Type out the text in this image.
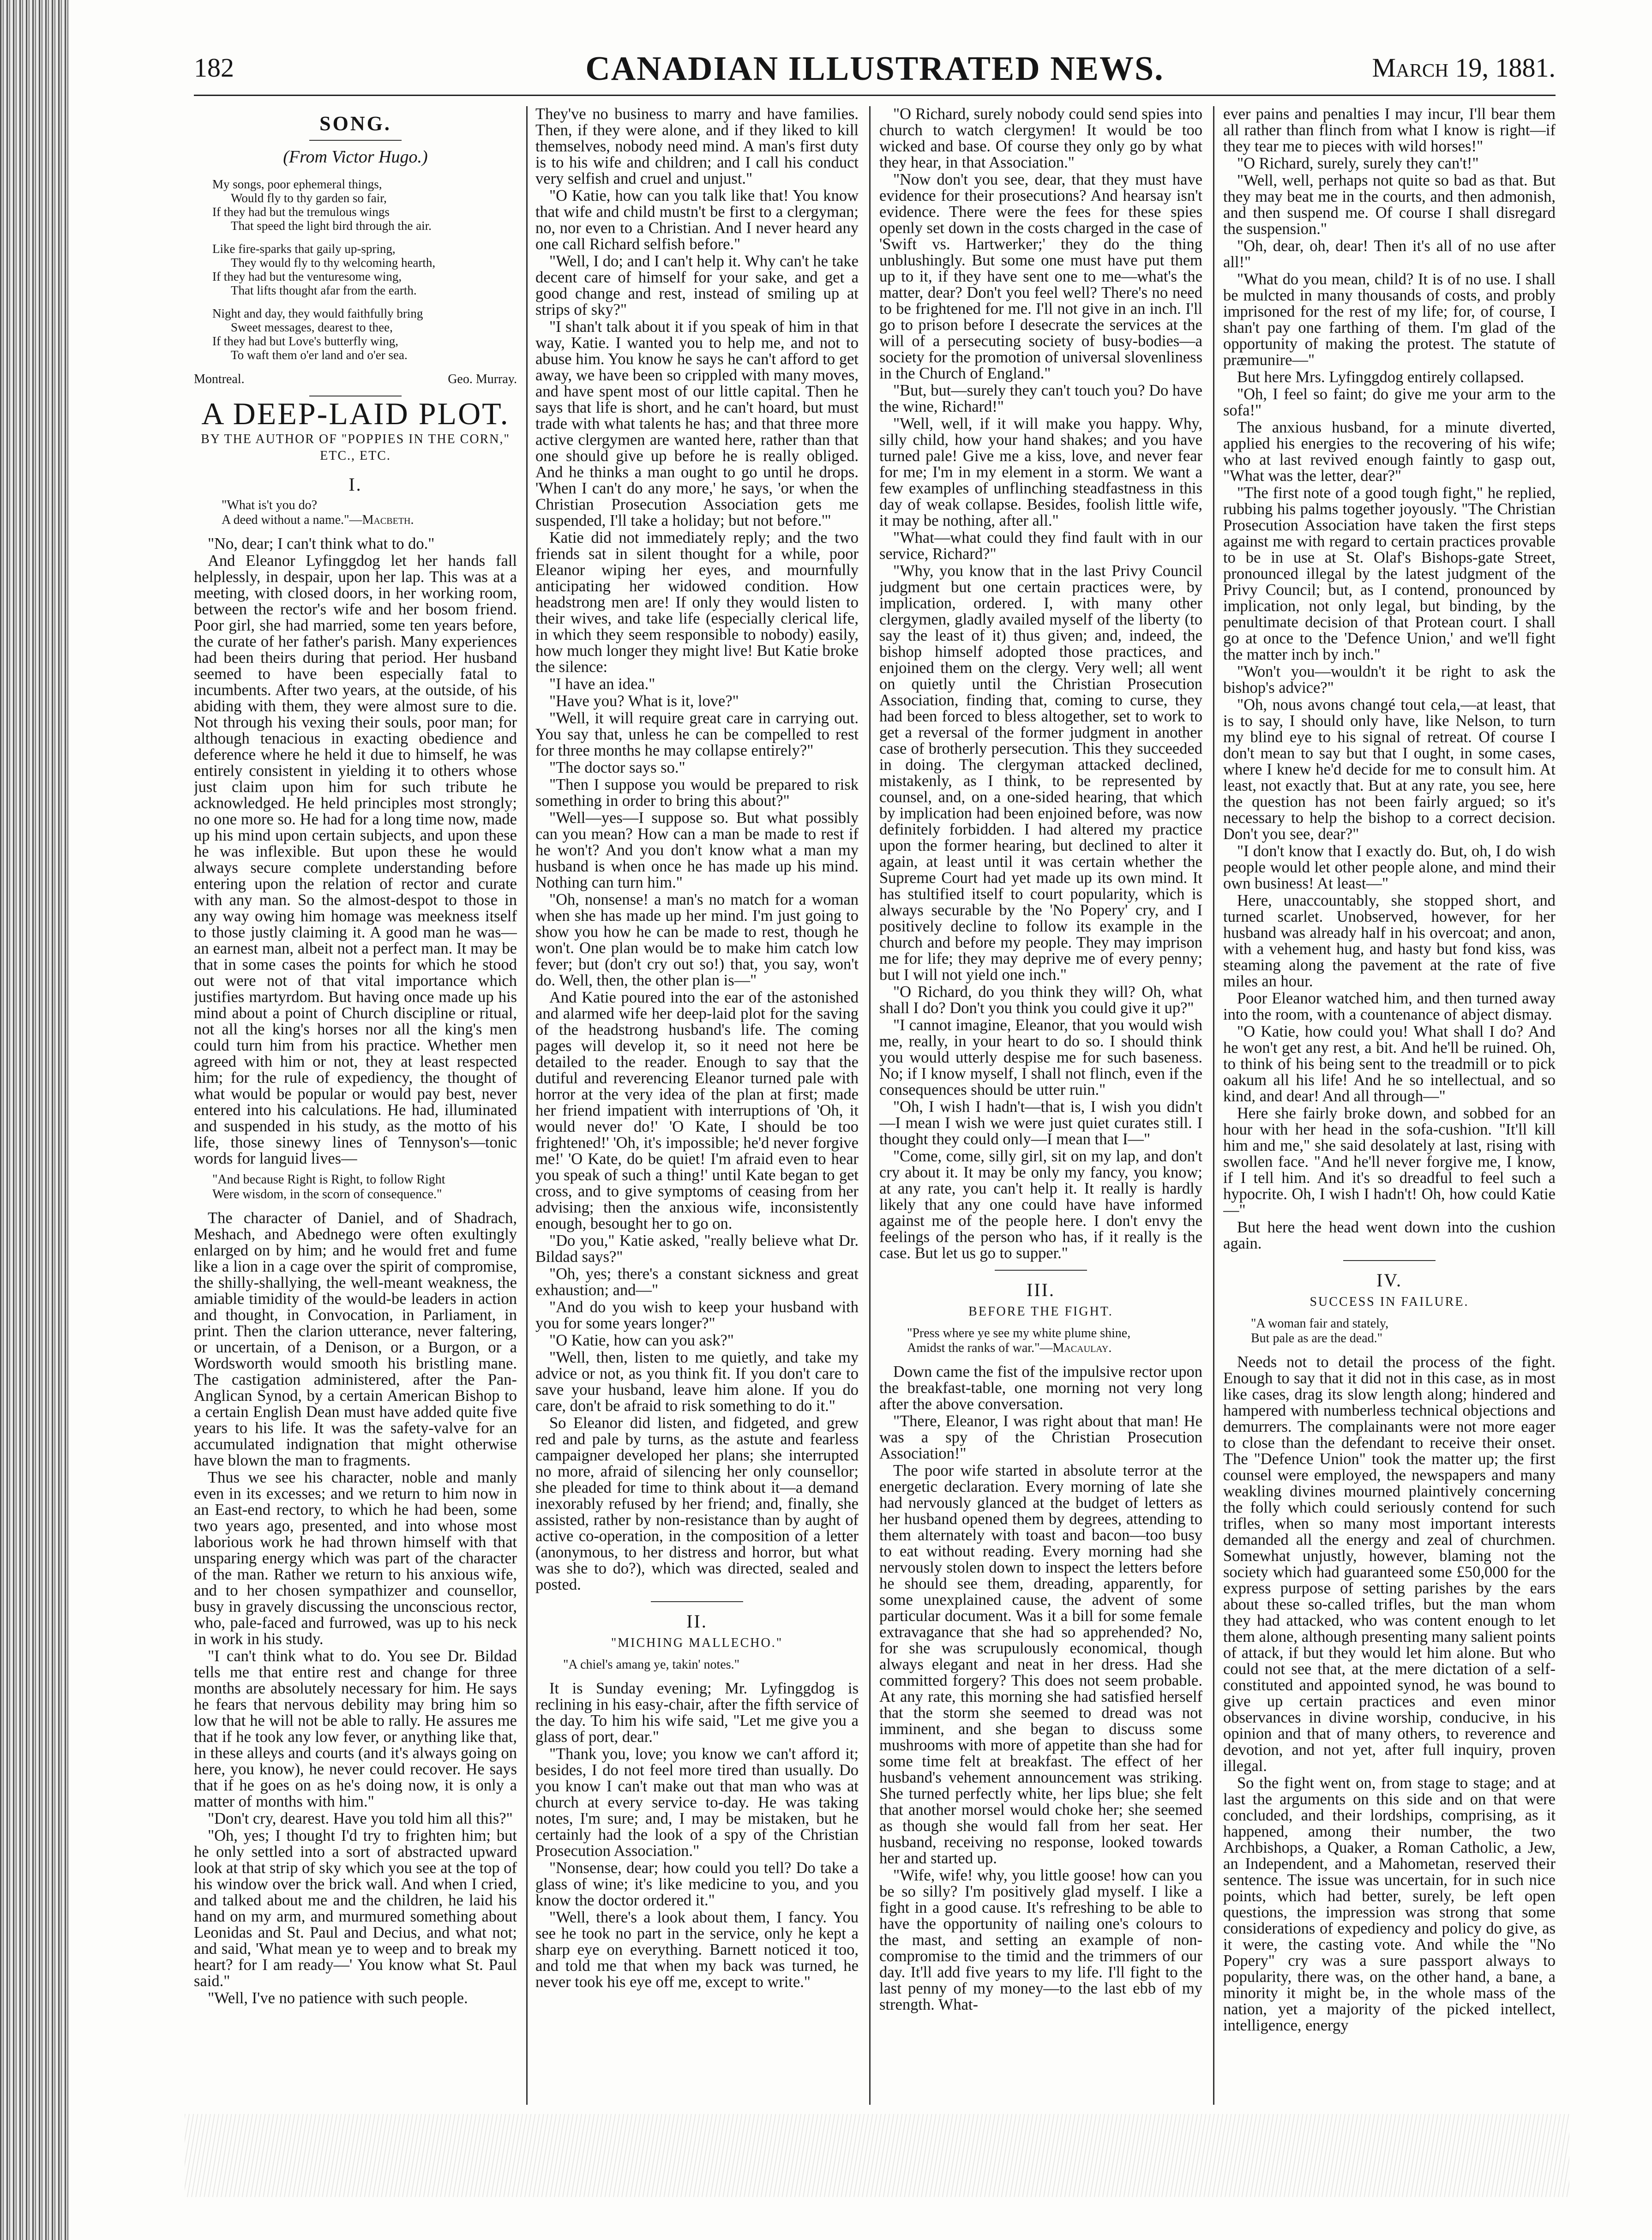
182	CANADIAN ILLUSTRATED NEWS.	March 19, 1881.
SONG.
(From Victor Hugo.)
My songs, poor ephemeral things,
Would fly to thy garden so fair,
If they had but the tremulous wings
That speed the light bird through the air.
Like fire-sparks that gaily up-spring,
They would fly to thy welcoming hearth,
If they had but the venturesome wing,
That lifts thought afar from the earth.
Night and day, they would faithfully bring
Sweet messages, dearest to thee,
If they had but Love's butterfly wing,
To waft them o'er land and o'er sea.
Montreal.	Geo. Murray.
A DEEP-LAID PLOT.
BY THE AUTHOR OF "POPPIES IN THE CORN," ETC., ETC.
I.
"What is't you do?
A deed without a name."—Macbeth.

"No, dear; I can't think what to do."

And Eleanor Lyfinggdog let her hands fall helplessly, in despair, upon her lap. This was at a meeting, with closed doors, in her working room, between the rector's wife and her bosom friend. Poor girl, she had married, some ten years before, the curate of her father's parish. Many experiences had been theirs during that period. Her husband seemed to have been especially fatal to incumbents. After two years, at the outside, of his abiding with them, they were almost sure to die. Not through his vexing their souls, poor man; for although tenacious in exacting obedience and deference where he held it due to himself, he was entirely consistent in yielding it to others whose just claim upon him for such tribute he acknowledged. He held principles most strongly; no one more so. He had for a long time now, made up his mind upon certain subjects, and upon these he was inflexible. But upon these he would always secure complete understanding before entering upon the relation of rector and curate with any man. So the almost-despot to those in any way owing him homage was meekness itself to those justly claiming it. A good man he was—an earnest man, albeit not a perfect man. It may be that in some cases the points for which he stood out were not of that vital importance which justifies martyrdom. But having once made up his mind about a point of Church discipline or ritual, not all the king's horses nor all the king's men could turn him from his practice. Whether men agreed with him or not, they at least respected him; for the rule of expediency, the thought of what would be popular or would pay best, never entered into his calculations. He had, illuminated and suspended in his study, as the motto of his life, those sinewy lines of Tennyson's—tonic words for languid lives—

"And because Right is Right, to follow Right
Were wisdom, in the scorn of consequence."

The character of Daniel, and of Shadrach, Meshach, and Abednego were often exultingly enlarged on by him; and he would fret and fume like a lion in a cage over the spirit of compromise, the shilly-shallying, the well-meant weakness, the amiable timidity of the would-be leaders in action and thought, in Convocation, in Parliament, in print. Then the clarion utterance, never faltering, or uncertain, of a Denison, or a Burgon, or a Wordsworth would smooth his bristling mane. The castigation administered, after the Pan-Anglican Synod, by a certain American Bishop to a certain English Dean must have added quite five years to his life. It was the safety-valve for an accumulated indignation that might otherwise have blown the man to fragments.

Thus we see his character, noble and manly even in its excesses; and we return to him now in an East-end rectory, to which he had been, some two years ago, presented, and into whose most laborious work he had thrown himself with that unsparing energy which was part of the character of the man. Rather we return to his anxious wife, and to her chosen sympathizer and counsellor, busy in gravely discussing the unconscious rector, who, pale-faced and furrowed, was up to his neck in work in his study.

"I can't think what to do. You see Dr. Bildad tells me that entire rest and change for three months are absolutely necessary for him. He says he fears that nervous debility may bring him so low that he will not be able to rally. He assures me that if he took any low fever, or anything like that, in these alleys and courts (and it's always going on here, you know), he never could recover. He says that if he goes on as he's doing now, it is only a matter of months with him."

"Don't cry, dearest. Have you told him all this?"

"Oh, yes; I thought I'd try to frighten him; but he only settled into a sort of abstracted upward look at that strip of sky which you see at the top of his window over the brick wall. And when I cried, and talked about me and the children, he laid his hand on my arm, and murmured something about Leonidas and St. Paul and Decius, and what not; and said, 'What mean ye to weep and to break my heart? for I am ready—' You know what St. Paul said."

"Well, I've no patience with such people.

They've no business to marry and have families. Then, if they were alone, and if they liked to kill themselves, nobody need mind. A man's first duty is to his wife and children; and I call his conduct very selfish and cruel and unjust."

"O Katie, how can you talk like that! You know that wife and child mustn't be first to a clergyman; no, nor even to a Christian. And I never heard any one call Richard selfish before."

"Well, I do; and I can't help it. Why can't he take decent care of himself for your sake, and get a good change and rest, instead of smiling up at strips of sky?"

"I shan't talk about it if you speak of him in that way, Katie. I wanted you to help me, and not to abuse him. You know he says he can't afford to get away, we have been so crippled with many moves, and have spent most of our little capital. Then he says that life is short, and he can't hoard, but must trade with what talents he has; and that three more active clergymen are wanted here, rather than that one should give up before he is really obliged. And he thinks a man ought to go until he drops. 'When I can't do any more,' he says, 'or when the Christian Prosecution Association gets me suspended, I'll take a holiday; but not before.'"

Katie did not immediately reply; and the two friends sat in silent thought for a while, poor Eleanor wiping her eyes, and mournfully anticipating her widowed condition. How headstrong men are! If only they would listen to their wives, and take life (especially clerical life, in which they seem responsible to nobody) easily, how much longer they might live! But Katie broke the silence:

"I have an idea."

"Have you? What is it, love?"

"Well, it will require great care in carrying out. You say that, unless he can be compelled to rest for three months he may collapse entirely?"

"The doctor says so."

"Then I suppose you would be prepared to risk something in order to bring this about?"

"Well—yes—I suppose so. But what possibly can you mean? How can a man be made to rest if he won't? And you don't know what a man my husband is when once he has made up his mind. Nothing can turn him."

"Oh, nonsense! a man's no match for a woman when she has made up her mind. I'm just going to show you how he can be made to rest, though he won't. One plan would be to make him catch low fever; but (don't cry out so!) that, you say, won't do. Well, then, the other plan is—"

And Katie poured into the ear of the astonished and alarmed wife her deep-laid plot for the saving of the headstrong husband's life. The coming pages will develop it, so it need not here be detailed to the reader. Enough to say that the dutiful and reverencing Eleanor turned pale with horror at the very idea of the plan at first; made her friend impatient with interruptions of 'Oh, it would never do!' 'O Kate, I should be too frightened!' 'Oh, it's impossible; he'd never forgive me!' 'O Kate, do be quiet! I'm afraid even to hear you speak of such a thing!' until Kate began to get cross, and to give symptoms of ceasing from her advising; then the anxious wife, inconsistently enough, besought her to go on.

"Do you," Katie asked, "really believe what Dr. Bildad says?"

"Oh, yes; there's a constant sickness and great exhaustion; and—"

"And do you wish to keep your husband with you for some years longer?"

"O Katie, how can you ask?"

"Well, then, listen to me quietly, and take my advice or not, as you think fit. If you don't care to save your husband, leave him alone. If you do care, don't be afraid to risk something to do it."

So Eleanor did listen, and fidgeted, and grew red and pale by turns, as the astute and fearless campaigner developed her plans; she interrupted no more, afraid of silencing her only counsellor; she pleaded for time to think about it—a demand inexorably refused by her friend; and, finally, she assisted, rather by non-resistance than by aught of active co-operation, in the composition of a letter (anonymous, to her distress and horror, but what was she to do?), which was directed, sealed and posted.

II.
"MICHING MALLECHO."
"A chiel's amang ye, takin' notes."

It is Sunday evening; Mr. Lyfinggdog is reclining in his easy-chair, after the fifth service of the day. To him his wife said, "Let me give you a glass of port, dear."

"Thank you, love; you know we can't afford it; besides, I do not feel more tired than usually. Do you know I can't make out that man who was at church at every service to-day. He was taking notes, I'm sure; and, I may be mistaken, but he certainly had the look of a spy of the Christian Prosecution Association."

"Nonsense, dear; how could you tell? Do take a glass of wine; it's like medicine to you, and you know the doctor ordered it."

"Well, there's a look about them, I fancy. You see he took no part in the service, only he kept a sharp eye on everything. Barnett noticed it too, and told me that when my back was turned, he never took his eye off me, except to write."

"O Richard, surely nobody could send spies into church to watch clergymen! It would be too wicked and base. Of course they only go by what they hear, in that Association."

"Now don't you see, dear, that they must have evidence for their prosecutions? And hearsay isn't evidence. There were the fees for these spies openly set down in the costs charged in the case of 'Swift vs. Hartwerker;' they do the thing unblushingly. But some one must have put them up to it, if they have sent one to me—what's the matter, dear? Don't you feel well? There's no need to be frightened for me. I'll not give in an inch. I'll go to prison before I desecrate the services at the will of a persecuting society of busy-bodies—a society for the promotion of universal slovenliness in the Church of England."

"But, but—surely they can't touch you? Do have the wine, Richard!"

"Well, well, if it will make you happy. Why, silly child, how your hand shakes; and you have turned pale! Give me a kiss, love, and never fear for me; I'm in my element in a storm. We want a few examples of unflinching steadfastness in this day of weak collapse. Besides, foolish little wife, it may be nothing, after all."

"What—what could they find fault with in our service, Richard?"

"Why, you know that in the last Privy Council judgment but one certain practices were, by implication, ordered. I, with many other clergymen, gladly availed myself of the liberty (to say the least of it) thus given; and, indeed, the bishop himself adopted those practices, and enjoined them on the clergy. Very well; all went on quietly until the Christian Prosecution Association, finding that, coming to curse, they had been forced to bless altogether, set to work to get a reversal of the former judgment in another case of brotherly persecution. This they succeeded in doing. The clergyman attacked declined, mistakenly, as I think, to be represented by counsel, and, on a one-sided hearing, that which by implication had been enjoined before, was now definitely forbidden. I had altered my practice upon the former hearing, but declined to alter it again, at least until it was certain whether the Supreme Court had yet made up its own mind. It has stultified itself to court popularity, which is always securable by the 'No Popery' cry, and I positively decline to follow its example in the church and before my people. They may imprison me for life; they may deprive me of every penny; but I will not yield one inch."

"O Richard, do you think they will? Oh, what shall I do? Don't you think you could give it up?"

"I cannot imagine, Eleanor, that you would wish me, really, in your heart to do so. I should think you would utterly despise me for such baseness. No; if I know myself, I shall not flinch, even if the consequences should be utter ruin."

"Oh, I wish I hadn't—that is, I wish you didn't—I mean I wish we were just quiet curates still. I thought they could only—I mean that I—"

"Come, come, silly girl, sit on my lap, and don't cry about it. It may be only my fancy, you know; at any rate, you can't help it. It really is hardly likely that any one could have have informed against me of the people here. I don't envy the feelings of the person who has, if it really is the case. But let us go to supper."

III.
BEFORE THE FIGHT.
"Press where ye see my white plume shine,
Amidst the ranks of war."—Macaulay.

Down came the fist of the impulsive rector upon the breakfast-table, one morning not very long after the above conversation.

"There, Eleanor, I was right about that man! He was a spy of the Christian Prosecution Association!"

The poor wife started in absolute terror at the energetic declaration. Every morning of late she had nervously glanced at the budget of letters as her husband opened them by degrees, attending to them alternately with toast and bacon—too busy to eat without reading. Every morning had she nervously stolen down to inspect the letters before he should see them, dreading, apparently, for some unexplained cause, the advent of some particular document. Was it a bill for some female extravagance that she had so apprehended? No, for she was scrupulously economical, though always elegant and neat in her dress. Had she committed forgery? This does not seem probable. At any rate, this morning she had satisfied herself that the storm she seemed to dread was not imminent, and she began to discuss some mushrooms with more of appetite than she had for some time felt at breakfast. The effect of her husband's vehement announcement was striking. She turned perfectly white, her lips blue; she felt that another morsel would choke her; she seemed as though she would fall from her seat. Her husband, receiving no response, looked towards her and started up.

"Wife, wife! why, you little goose! how can you be so silly? I'm positively glad myself. I like a fight in a good cause. It's refreshing to be able to have the opportunity of nailing one's colours to the mast, and setting an example of non-compromise to the timid and the trimmers of our day. It'll add five years to my life. I'll fight to the last penny of my money—to the last ebb of my strength. What-

ever pains and penalties I may incur, I'll bear them all rather than flinch from what I know is right—if they tear me to pieces with wild horses!"

"O Richard, surely, surely they can't!"

"Well, well, perhaps not quite so bad as that. But they may beat me in the courts, and then admonish, and then suspend me. Of course I shall disregard the suspension."

"Oh, dear, oh, dear! Then it's all of no use after all!"

"What do you mean, child? It is of no use. I shall be mulcted in many thousands of costs, and probly imprisoned for the rest of my life; for, of course, I shan't pay one farthing of them. I'm glad of the opportunity of making the protest. The statute of præmunire—"

But here Mrs. Lyfinggdog entirely collapsed.

"Oh, I feel so faint; do give me your arm to the sofa!"

The anxious husband, for a minute diverted, applied his energies to the recovering of his wife; who at last revived enough faintly to gasp out, "What was the letter, dear?"

"The first note of a good tough fight," he replied, rubbing his palms together joyously. "The Christian Prosecution Association have taken the first steps against me with regard to certain practices provable to be in use at St. Olaf's Bishops-gate Street, pronounced illegal by the latest judgment of the Privy Council; but, as I contend, pronounced by implication, not only legal, but binding, by the penultimate decision of that Protean court. I shall go at once to the 'Defence Union,' and we'll fight the matter inch by inch."

"Won't you—wouldn't it be right to ask the bishop's advice?"

"Oh, nous avons changé tout cela,—at least, that is to say, I should only have, like Nelson, to turn my blind eye to his signal of retreat. Of course I don't mean to say but that I ought, in some cases, where I knew he'd decide for me to consult him. At least, not exactly that. But at any rate, you see, here the question has not been fairly argued; so it's necessary to help the bishop to a correct decision. Don't you see, dear?"

"I don't know that I exactly do. But, oh, I do wish people would let other people alone, and mind their own business! At least—"

Here, unaccountably, she stopped short, and turned scarlet. Unobserved, however, for her husband was already half in his overcoat; and anon, with a vehement hug, and hasty but fond kiss, was steaming along the pavement at the rate of five miles an hour.

Poor Eleanor watched him, and then turned away into the room, with a countenance of abject dismay.

"O Katie, how could you! What shall I do? And he won't get any rest, a bit. And he'll be ruined. Oh, to think of his being sent to the treadmill or to pick oakum all his life! And he so intellectual, and so kind, and dear! And all through—"

Here she fairly broke down, and sobbed for an hour with her head in the sofa-cushion. "It'll kill him and me," she said desolately at last, rising with swollen face. "And he'll never forgive me, I know, if I tell him. And it's so dreadful to feel such a hypocrite. Oh, I wish I hadn't! Oh, how could Katie—"

But here the head went down into the cushion again.

IV.
SUCCESS IN FAILURE.
"A woman fair and stately,
But pale as are the dead."

Needs not to detail the process of the fight. Enough to say that it did not in this case, as in most like cases, drag its slow length along; hindered and hampered with numberless technical objections and demurrers. The complainants were not more eager to close than the defendant to receive their onset. The "Defence Union" took the matter up; the first counsel were employed, the newspapers and many weakling divines mourned plaintively concerning the folly which could seriously contend for such trifles, when so many most important interests demanded all the energy and zeal of churchmen. Somewhat unjustly, however, blaming not the society which had guaranteed some £50,000 for the express purpose of setting parishes by the ears about these so-called trifles, but the man whom they had attacked, who was content enough to let them alone, although presenting many salient points of attack, if but they would let him alone. But who could not see that, at the mere dictation of a self-constituted and appointed synod, he was bound to give up certain practices and even minor observances in divine worship, conducive, in his opinion and that of many others, to reverence and devotion, and not yet, after full inquiry, proven illegal.

So the fight went on, from stage to stage; and at last the arguments on this side and on that were concluded, and their lordships, comprising, as it happened, among their number, the two Archbishops, a Quaker, a Roman Catholic, a Jew, an Independent, and a Mahometan, reserved their sentence. The issue was uncertain, for in such nice points, which had better, surely, be left open questions, the impression was strong that some considerations of expediency and policy do give, as it were, the casting vote. And while the "No Popery" cry was a sure passport always to popularity, there was, on the other hand, a bane, a minority it might be, in the whole mass of the nation, yet a majority of the picked intellect, intelligence, energy
